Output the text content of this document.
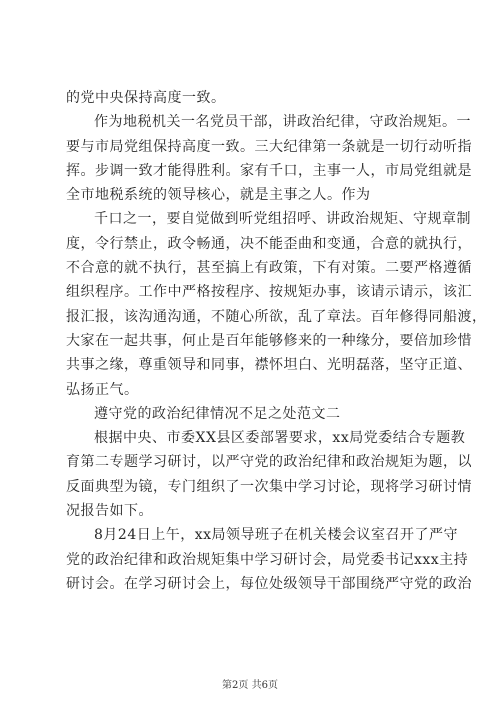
的党中央保持高度一致。
作为地税机关一名党员干部，讲政治纪律，守政治规矩。一
要与市局党组保持高度一致。三大纪律第一条就是一切行动听指
挥。步调一致才能得胜利。家有千口，主事一人，市局党组就是
全市地税系统的领导核心，就是主事之人。作为
千口之一，要自觉做到听党组招呼、讲政治规矩、守规章制
度，令行禁止，政令畅通，决不能歪曲和变通，合意的就执行，
不合意的就不执行，甚至搞上有政策，下有对策。二要严格遵循
组织程序。工作中严格按程序、按规矩办事，该请示请示，该汇
报汇报，该沟通沟通，不随心所欲，乱了章法。百年修得同船渡，
大家在一起共事，何止是百年能够修来的一种缘分，要倍加珍惜
共事之缘，尊重领导和同事，襟怀坦白、光明磊落，坚守正道、
弘扬正气。
遵守党的政治纪律情况不足之处范文二
根据中央、市委XX县区委部署要求，xx局党委结合专题教
育第二专题学习研讨，以严守党的政治纪律和政治规矩为题，以
反面典型为镜，专门组织了一次集中学习讨论，现将学习研讨情
况报告如下。
8月24日上午，xx局领导班子在机关楼会议室召开了严守
党的政治纪律和政治规矩集中学习研讨会，局党委书记xxx主持
研讨会。在学习研讨会上，每位处级领导干部围绕严守党的政治
第2页 共6页
